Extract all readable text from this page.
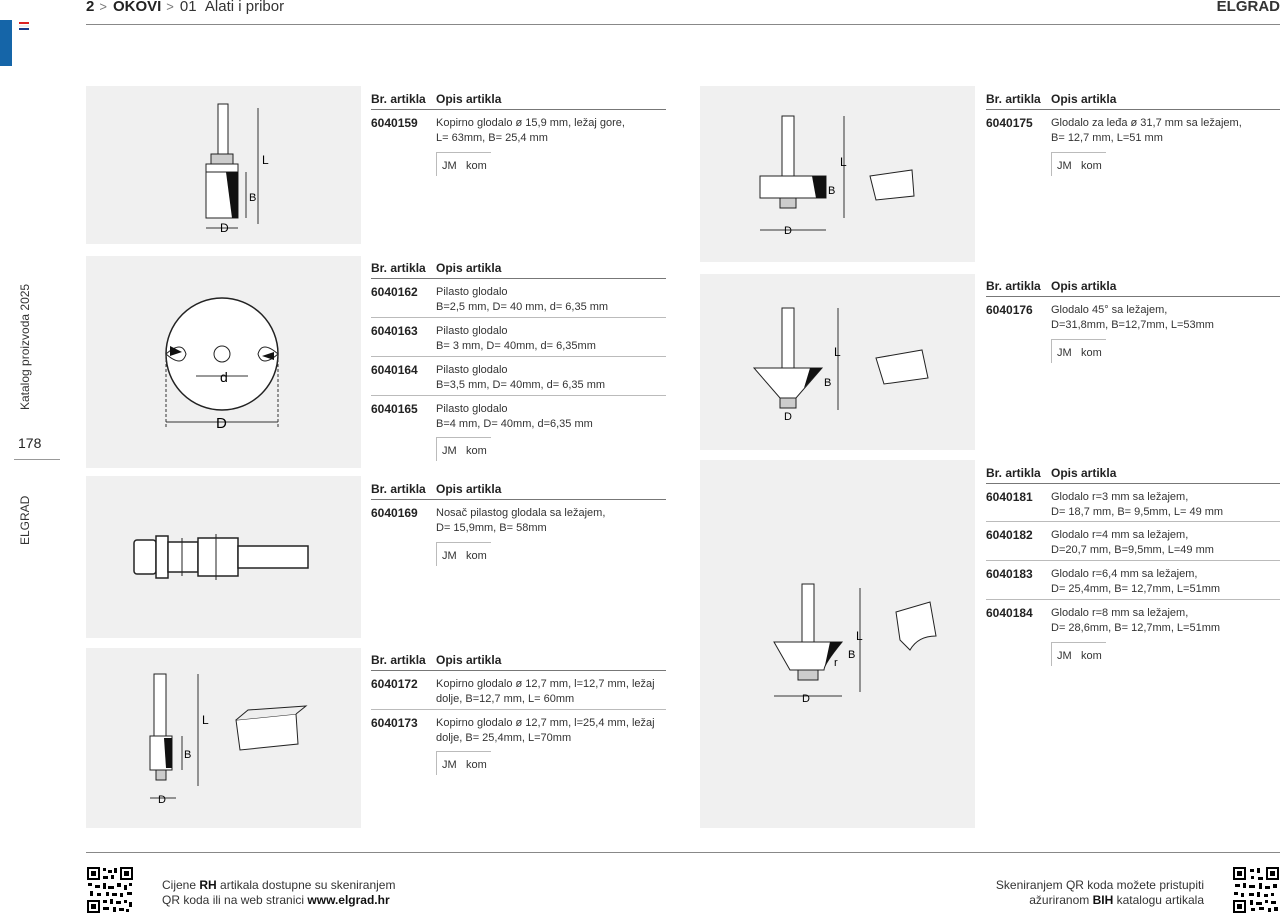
Katalog proizvoda 2025
178
ELGRAD
2 > OKOVI > 01 Alati i pribor	ELGRAD
L
B
D
d
D
L
B
D
L
B
D
L
B
D
L
B
r
D
Br. artikla Opis artikla
6040159 Kopirno glodalo ø 15,9 mm, ležaj gore,
L= 63mm, B= 25,4 mm
JM kom
Br. artikla Opis artikla
6040162 Pilasto glodalo
B=2,5 mm, D= 40 mm, d= 6,35 mm
6040163 Pilasto glodalo
B= 3 mm, D= 40mm, d= 6,35mm
6040164 Pilasto glodalo
B=3,5 mm, D= 40mm, d= 6,35 mm
6040165 Pilasto glodalo
B=4 mm, D= 40mm, d=6,35 mm
JM kom
Br. artikla Opis artikla
6040169 Nosač pilastog glodala sa ležajem,
D= 15,9mm, B= 58mm
JM kom
Br. artikla Opis artikla
6040172 Kopirno glodalo ø 12,7 mm, l=12,7 mm, ležaj
dolje, B=12,7 mm, L= 60mm
6040173 Kopirno glodalo ø 12,7 mm, l=25,4 mm, ležaj
dolje, B= 25,4mm, L=70mm
JM kom
Br. artikla Opis artikla
6040175 Glodalo za leđa ø 31,7 mm sa ležajem,
B= 12,7 mm, L=51 mm
JM kom
Br. artikla Opis artikla
6040176 Glodalo 45° sa ležajem,
D=31,8mm, B=12,7mm, L=53mm
JM kom
Br. artikla Opis artikla
6040181 Glodalo r=3 mm sa ležajem,
D= 18,7 mm, B= 9,5mm, L= 49 mm
6040182 Glodalo r=4 mm sa ležajem,
D=20,7 mm, B=9,5mm, L=49 mm
6040183 Glodalo r=6,4 mm sa ležajem,
D= 25,4mm, B= 12,7mm, L=51mm
6040184 Glodalo r=8 mm sa ležajem,
D= 28,6mm, B= 12,7mm, L=51mm
JM kom
Cijene RH artikala dostupne su skeniranjem
QR koda ili na web stranici www.elgrad.hr
Skeniranjem QR koda možete pristupiti
ažuriranom BIH katalogu artikala
